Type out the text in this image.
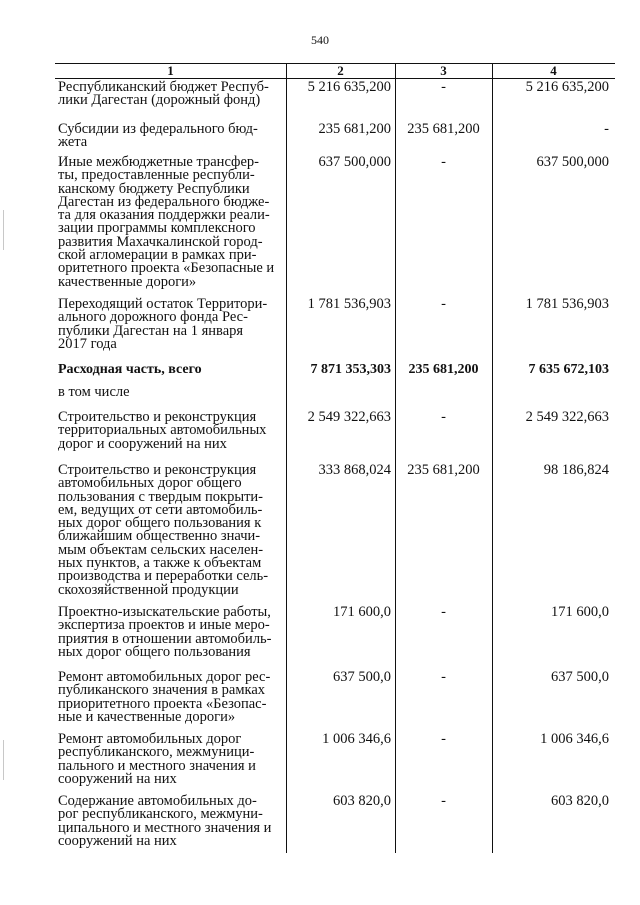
540
1	2	3	4
Республиканский бюджет Респуб-
лики Дагестан (дорожный фонд)
5 216 635,200	-	5 216 635,200
Субсидии из федерального бюд-
жета
235 681,200	235 681,200	-
Иные межбюджетные трансфер-
ты, предоставленные республи-
канскому бюджету Республики
Дагестан из федерального бюдже-
та для оказания поддержки реали-
зации программы комплексного
развития Махачкалинской город-
ской агломерации в рамках при-
оритетного проекта «Безопасные и
качественные дороги»
637 500,000	-	637 500,000
Переходящий остаток Территори-
ального дорожного фонда Рес-
публики Дагестан на 1 января
2017 года
1 781 536,903	-	1 781 536,903
Расходная часть, всего	7 871 353,303	235 681,200	7 635 672,103
в том числе
Строительство и реконструкция
территориальных автомобильных
дорог и сооружений на них
2 549 322,663	-	2 549 322,663
Строительство и реконструкция
автомобильных дорог общего
пользования с твердым покрыти-
ем, ведущих от сети автомобиль-
ных дорог общего пользования к
ближайшим общественно значи-
мым объектам сельских населен-
ных пунктов, а также к объектам
производства и переработки сель-
скохозяйственной продукции
333 868,024	235 681,200	98 186,824
Проектно-изыскательские работы,
экспертиза проектов и иные меро-
приятия в отношении автомобиль-
ных дорог общего пользования
171 600,0	-	171 600,0
Ремонт автомобильных дорог рес-
публиканского значения в рамках
приоритетного проекта «Безопас-
ные и качественные дороги»
637 500,0	-	637 500,0
Ремонт автомобильных дорог
республиканского, межмуници-
пального и местного значения и
сооружений на них
1 006 346,6	-	1 006 346,6
Содержание автомобильных до-
рог республиканского, межмуни-
ципального и местного значения и
сооружений на них
603 820,0	-	603 820,0
